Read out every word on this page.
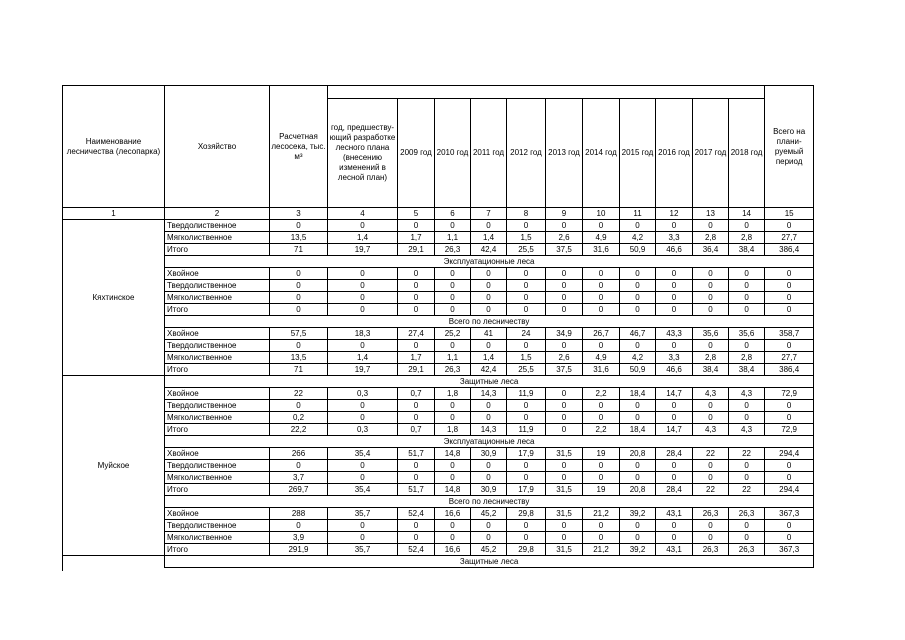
Наименование лесничества (лесопарка)	Хозяйство	Расчетная лесосека, тыс. м³												Всего на плани-руемый период
			год, предшеству-ющий разработке лесного плана (внесению изменений в лесной план)	2009 год	2010 год	2011 год	2012 год	2013 год	2014 год	2015 год	2016 год	2017 год	2018 год	
1	2	3	4	5	6	7	8	9	10	11	12	13	14	15
Кяхтинское	Твердолиственное	0	0	0	0	0	0	0	0	0	0	0	0	0
	Мягколиственное	13,5	1,4	1,7	1,1	1,4	1,5	2,6	4,9	4,2	3,3	2,8	2,8	27,7
	Итого	71	19,7	29,1	26,3	42,4	25,5	37,5	31,6	50,9	46,6	36,4	38,4	386,4
	Эксплуатационные леса													
	Хвойное	0	0	0	0	0	0	0	0	0	0	0	0	0
	Твердолиственное	0	0	0	0	0	0	0	0	0	0	0	0	0
	Мягколиственное	0	0	0	0	0	0	0	0	0	0	0	0	0
	Итого	0	0	0	0	0	0	0	0	0	0	0	0	0
	Всего по лесничеству													
	Хвойное	57,5	18,3	27,4	25,2	41	24	34,9	26,7	46,7	43,3	35,6	35,6	358,7
	Твердолиственное	0	0	0	0	0	0	0	0	0	0	0	0	0
	Мягколиственное	13,5	1,4	1,7	1,1	1,4	1,5	2,6	4,9	4,2	3,3	2,8	2,8	27,7
	Итого	71	19,7	29,1	26,3	42,4	25,5	37,5	31,6	50,9	46,6	38,4	38,4	386,4
Муйское	Защитные леса													
	Хвойное	22	0,3	0,7	1,8	14,3	11,9	0	2,2	18,4	14,7	4,3	4,3	72,9
	Твердолиственное	0	0	0	0	0	0	0	0	0	0	0	0	0
	Мягколиственное	0,2	0	0	0	0	0	0	0	0	0	0	0	0
	Итого	22,2	0,3	0,7	1,8	14,3	11,9	0	2,2	18,4	14,7	4,3	4,3	72,9
	Эксплуатационные леса													
	Хвойное	266	35,4	51,7	14,8	30,9	17,9	31,5	19	20,8	28,4	22	22	294,4
	Твердолиственное	0	0	0	0	0	0	0	0	0	0	0	0	0
	Мягколиственное	3,7	0	0	0	0	0	0	0	0	0	0	0	0
	Итого	269,7	35,4	51,7	14,8	30,9	17,9	31,5	19	20,8	28,4	22	22	294,4
	Всего по лесничеству													
	Хвойное	288	35,7	52,4	16,6	45,2	29,8	31,5	21,2	39,2	43,1	26,3	26,3	367,3
	Твердолиственное	0	0	0	0	0	0	0	0	0	0	0	0	0
	Мягколиственное	3,9	0	0	0	0	0	0	0	0	0	0	0	0
	Итого	291,9	35,7	52,4	16,6	45,2	29,8	31,5	21,2	39,2	43,1	26,3	26,3	367,3
	Защитные леса													
